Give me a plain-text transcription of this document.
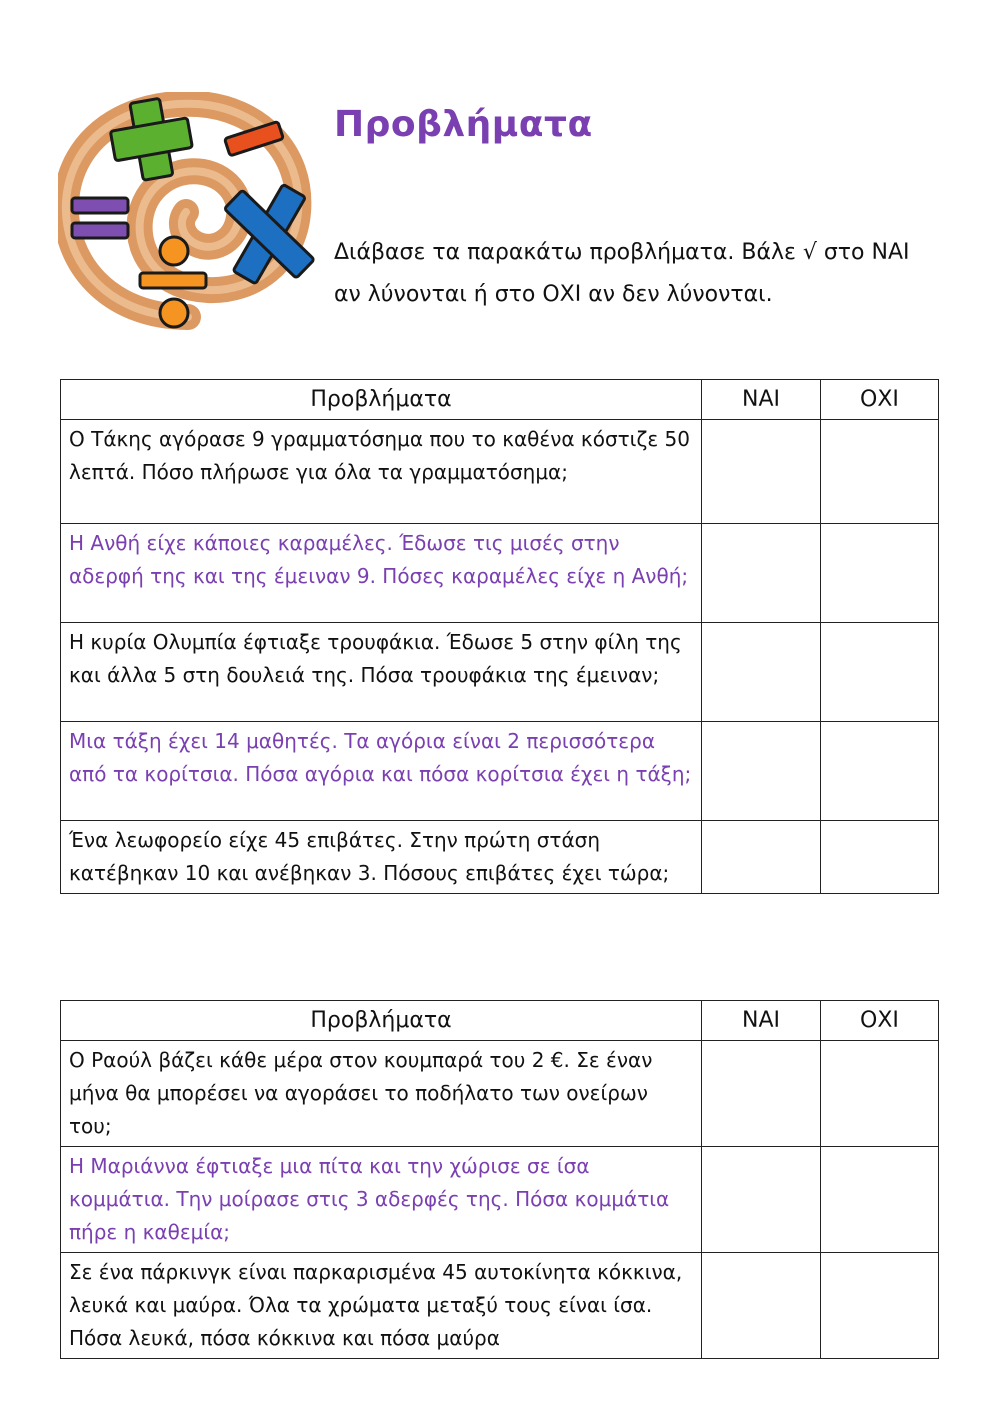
Προβλήματα

Διάβασε τα παρακάτω προβλήματα. Βάλε √ στο ΝΑΙ αν λύνονται ή στο ΟΧΙ αν δεν λύνονται.

Προβλήματα	ΝΑΙ	ΟΧΙ
Ο Τάκης αγόρασε 9 γραμματόσημα που το καθένα κόστιζε 50 λεπτά. Πόσο πλήρωσε για όλα τα γραμματόσημα;		
Η Ανθή είχε κάποιες καραμέλες. Έδωσε τις μισές στην αδερφή της και της έμειναν 9. Πόσες καραμέλες είχε η Ανθή;		
Η κυρία Ολυμπία έφτιαξε τρουφάκια. Έδωσε 5 στην φίλη της και άλλα 5 στη δουλειά της. Πόσα τρουφάκια της έμειναν;		
Μια τάξη έχει 14 μαθητές. Τα αγόρια είναι 2 περισσότερα από τα κορίτσια. Πόσα αγόρια και πόσα κορίτσια έχει η τάξη;		
Ένα λεωφορείο είχε 45 επιβάτες. Στην πρώτη στάση κατέβηκαν 10 και ανέβηκαν 3. Πόσους επιβάτες έχει τώρα;		
Προβλήματα	ΝΑΙ	ΟΧΙ
Ο Ραούλ βάζει κάθε μέρα στον κουμπαρά του 2 €. Σε έναν μήνα θα μπορέσει να αγοράσει το ποδήλατο των ονείρων του;		
Η Μαριάννα έφτιαξε μια πίτα και την χώρισε σε ίσα κομμάτια. Την μοίρασε στις 3 αδερφές της. Πόσα κομμάτια πήρε η καθεμία;		
Σε ένα πάρκινγκ είναι παρκαρισμένα 45 αυτοκίνητα κόκκινα, λευκά και μαύρα. Όλα τα χρώματα μεταξύ τους είναι ίσα. Πόσα λευκά, πόσα κόκκινα και πόσα μαύρα		
